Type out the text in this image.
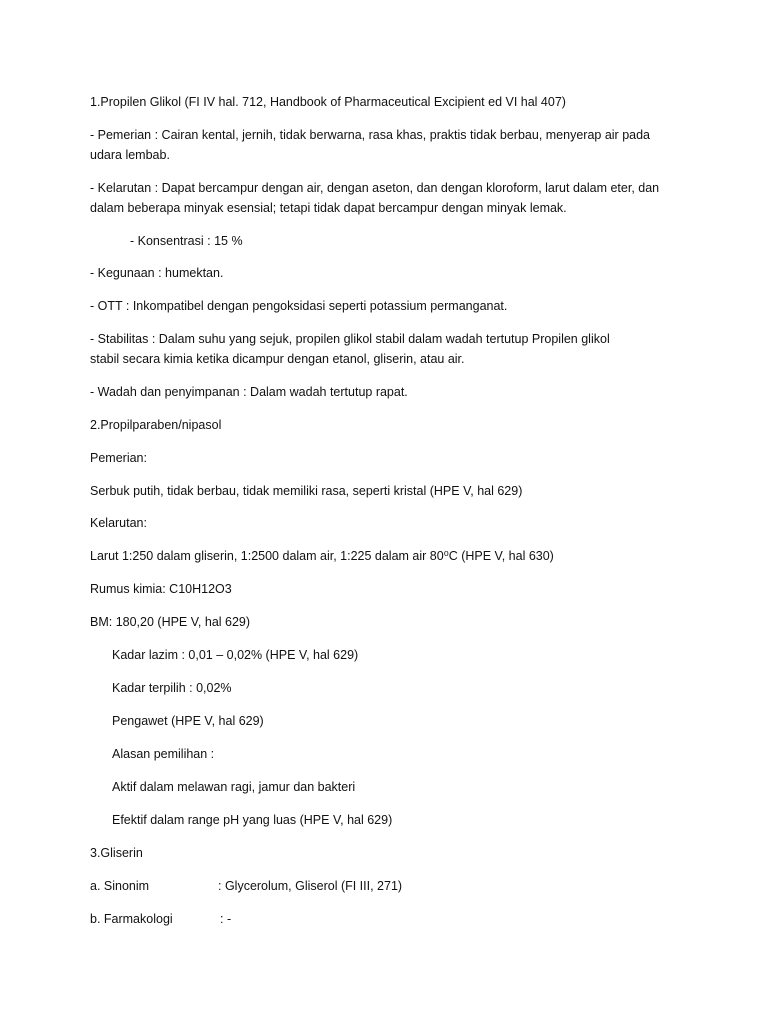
1.Propilen Glikol (FI IV hal. 712, Handbook of Pharmaceutical Excipient ed VI hal 407)
- Pemerian : Cairan kental, jernih, tidak berwarna, rasa khas, praktis tidak berbau, menyerap air pada
udara lembab.
- Kelarutan : Dapat bercampur dengan air, dengan aseton, dan dengan kloroform, larut dalam eter, dan
dalam beberapa minyak esensial; tetapi tidak dapat bercampur dengan minyak lemak.
- Konsentrasi : 15 %
- Kegunaan : humektan.
- OTT : Inkompatibel dengan pengoksidasi seperti potassium permanganat.
- Stabilitas : Dalam suhu yang sejuk, propilen glikol stabil dalam wadah tertutup Propilen glikol
stabil secara kimia ketika dicampur dengan etanol, gliserin, atau air.
- Wadah dan penyimpanan : Dalam wadah tertutup rapat.
2.Propilparaben/nipasol
Pemerian:
Serbuk putih, tidak berbau, tidak memiliki rasa, seperti kristal (HPE V, hal 629)
Kelarutan:
Larut 1:250 dalam gliserin, 1:2500 dalam air, 1:225 dalam air 80⁰C (HPE V, hal 630)
Rumus kimia: C10H12O3
BM: 180,20 (HPE V, hal 629)
Kadar lazim : 0,01 – 0,02% (HPE V, hal 629)
Kadar terpilih : 0,02%
Pengawet (HPE V, hal 629)
Alasan pemilihan :
Aktif dalam melawan ragi, jamur dan bakteri
Efektif dalam range pH yang luas (HPE V, hal 629)
3.Gliserin
a. Sinonim	: Glycerolum, Gliserol (FI III, 271)
b. Farmakologi	: -
